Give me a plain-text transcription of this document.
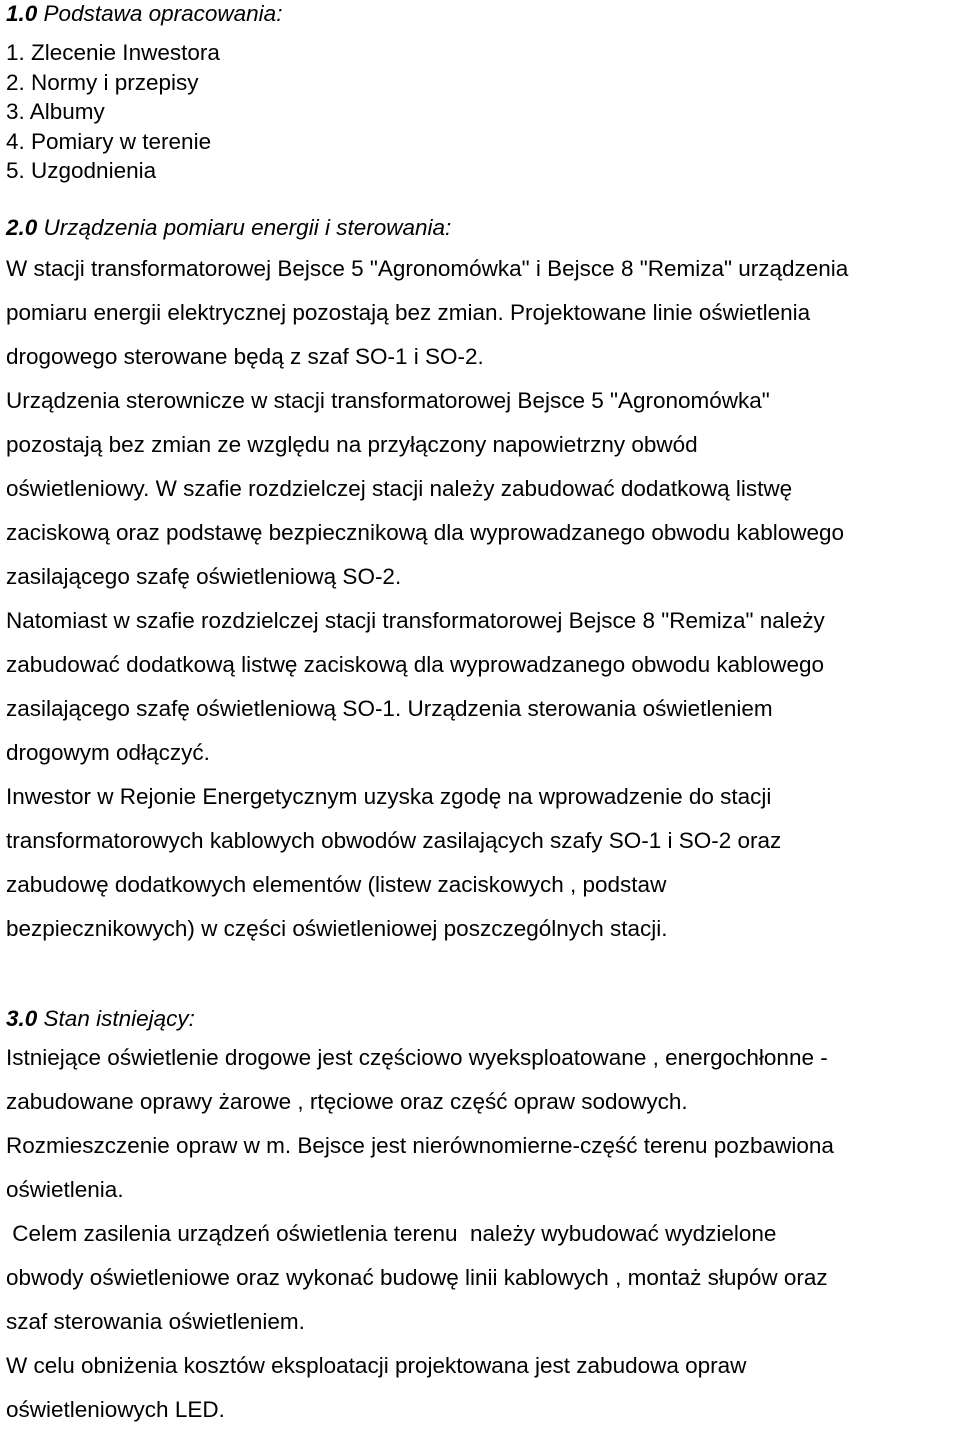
1.0 Podstawa opracowania:
1. Zlecenie Inwestora
2. Normy i przepisy
3. Albumy
4. Pomiary w terenie
5. Uzgodnienia
2.0 Urządzenia pomiaru energii i sterowania:

W stacji transformatorowej Bejsce 5 "Agronomówka" i Bejsce 8 "Remiza" urządzenia
pomiaru energii elektrycznej pozostają bez zmian. Projektowane linie oświetlenia
drogowego sterowane będą z szaf SO-1 i SO-2.
Urządzenia sterownicze w stacji transformatorowej Bejsce 5 "Agronomówka"
pozostają bez zmian ze względu na przyłączony napowietrzny obwód
oświetleniowy. W szafie rozdzielczej stacji należy zabudować dodatkową listwę
zaciskową oraz podstawę bezpiecznikową dla wyprowadzanego obwodu kablowego
zasilającego szafę oświetleniową SO-2.
Natomiast w szafie rozdzielczej stacji transformatorowej Bejsce 8 "Remiza" należy
zabudować dodatkową listwę zaciskową dla wyprowadzanego obwodu kablowego
zasilającego szafę oświetleniową SO-1. Urządzenia sterowania oświetleniem
drogowym odłączyć.
Inwestor w Rejonie Energetycznym uzyska zgodę na wprowadzenie do stacji
transformatorowych kablowych obwodów zasilających szafy SO-1 i SO-2 oraz
zabudowę dodatkowych elementów (listew zaciskowych , podstaw
bezpiecznikowych) w części oświetleniowej poszczególnych stacji.

3.0 Stan istniejący:

Istniejące oświetlenie drogowe jest częściowo wyeksploatowane , energochłonne -
zabudowane oprawy żarowe , rtęciowe oraz część opraw sodowych.
Rozmieszczenie opraw w m. Bejsce jest nierównomierne-część terenu pozbawiona
oświetlenia.
Celem zasilenia urządzeń oświetlenia terenu  należy wybudować wydzielone
obwody oświetleniowe oraz wykonać budowę linii kablowych , montaż słupów oraz
szaf sterowania oświetleniem.
W celu obniżenia kosztów eksploatacji projektowana jest zabudowa opraw
oświetleniowych LED.
